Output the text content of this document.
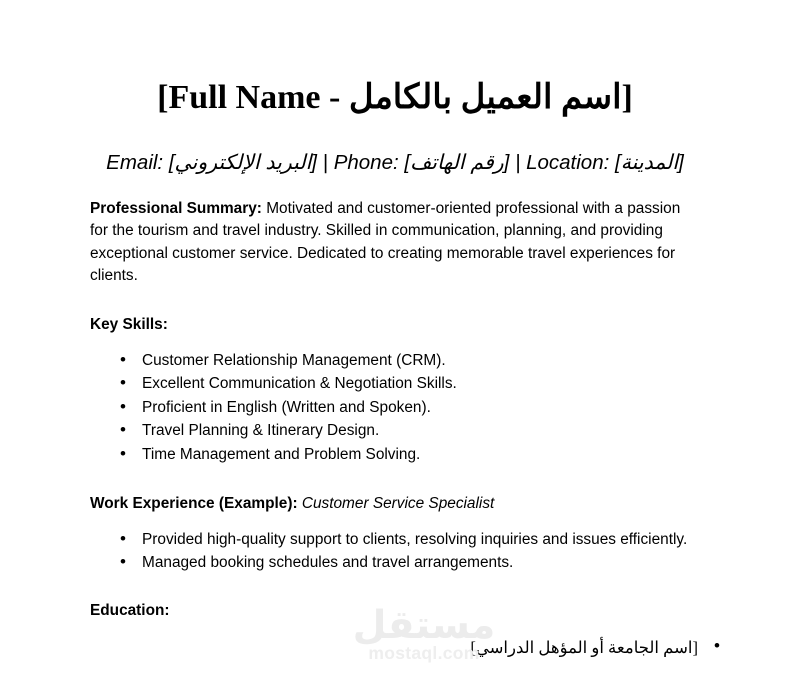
[اسم العميل بالكامل - Full Name]
Email: [البريد الإلكتروني] | Phone: [رقم الهاتف] | Location: [المدينة]

Professional Summary: Motivated and customer-oriented professional with a passion for the tourism and travel industry. Skilled in communication, planning, and providing exceptional customer service. Dedicated to creating memorable travel experiences for clients.

Key Skills:
• Customer Relationship Management (CRM).
• Excellent Communication & Negotiation Skills.
• Proficient in English (Written and Spoken).
• Travel Planning & Itinerary Design.
• Time Management and Problem Solving.
Work Experience (Example): Customer Service Specialist
• Provided high-quality support to clients, resolving inquiries and issues efficiently.
• Managed booking schedules and travel arrangements.
Education:
• [اسم الجامعة أو المؤهل الدراسي]
مستقل
mostaql.com
